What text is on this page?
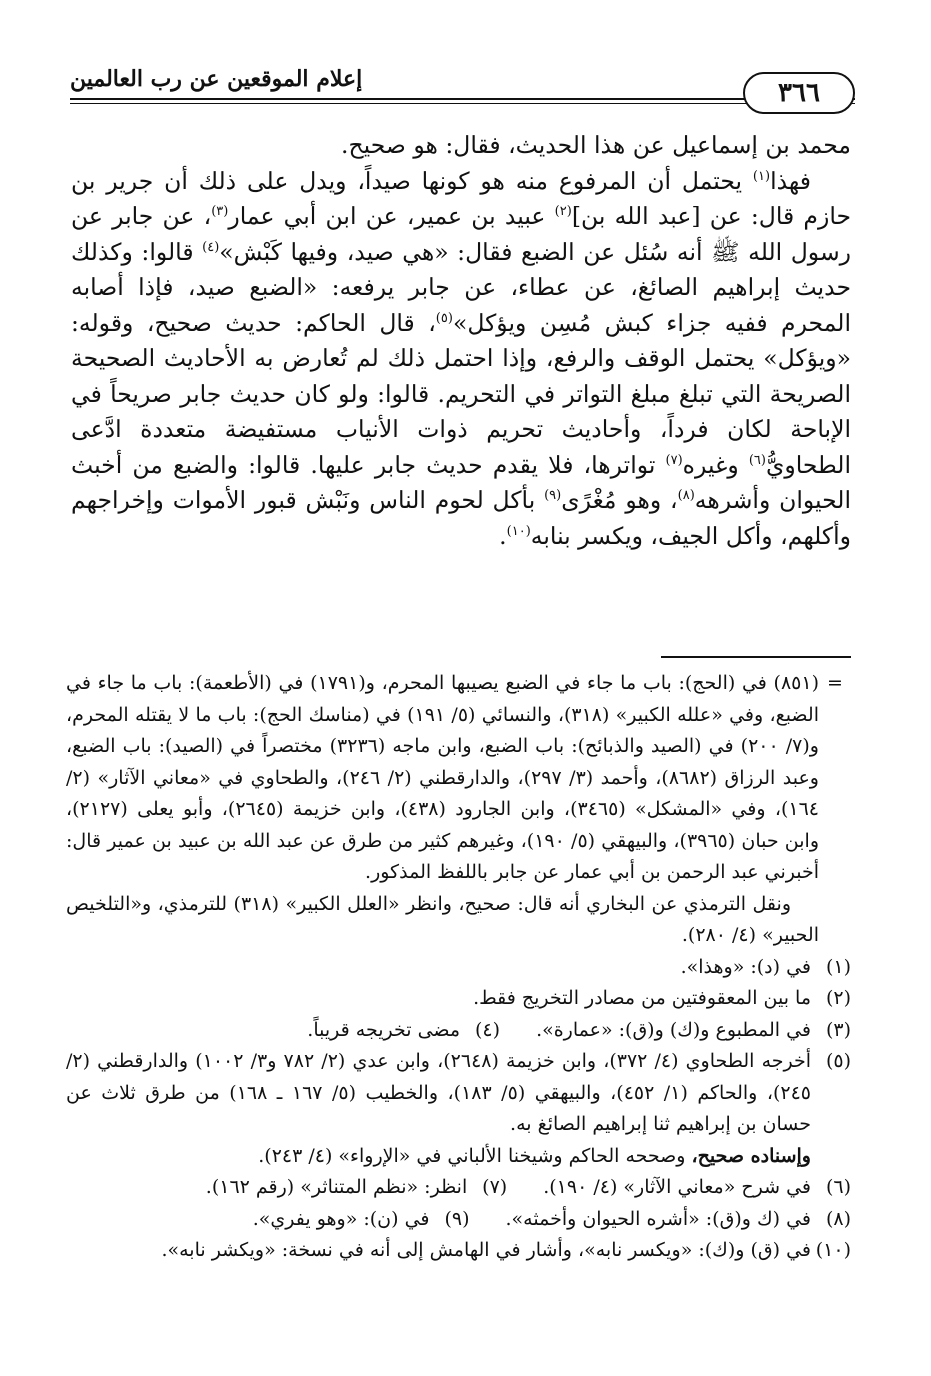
٣٦٦
إعلام الموقعين عن رب العالمين

محمد بن إسماعيل عن هذا الحديث، فقال: هو صحيح.

فهذا$^{(١)}$ يحتمل أن المرفوع منه هو كونها صيداً، ويدل على ذلك أن جرير بن حازم قال: عن [عبد الله بن]$^{(٢)}$ عبيد بن عمير، عن ابن أبي عمار$^{(٣)}$، عن جابر عن رسول الله ﷺ أنه سُئل عن الضبع فقال: «هي صيد، وفيها كَبْش»$^{(٤)}$ قالوا: وكذلك حديث إبراهيم الصائغ، عن عطاء، عن جابر يرفعه: «الضبع صيد، فإذا أصابه المحرم ففيه جزاء كبش مُسِن ويؤكل»$^{(٥)}$، قال الحاكم: حديث صحيح، وقوله: «ويؤكل» يحتمل الوقف والرفع، وإذا احتمل ذلك لم تُعارض به الأحاديث الصحيحة الصريحة التي تبلغ مبلغ التواتر في التحريم. قالوا: ولو كان حديث جابر صريحاً في الإباحة لكان فرداً، وأحاديث تحريم ذوات الأنياب مستفيضة متعددة ادَّعى الطحاويُّ$^{(٦)}$ وغيره$^{(٧)}$ تواترها، فلا يقدم حديث جابر عليها. قالوا: والضبع من أخبث الحيوان وأشرهه$^{(٨)}$، وهو مُغْرًى$^{(٩)}$ بأكل لحوم الناس ونَبْش قبور الأموات وإخراجهم وأكلهم، وأكل الجيف، ويكسر بنابه$^{(١٠)}$.

=

(٨٥١) في (الحج): باب ما جاء في الضبع يصيبها المحرم، و(١٧٩١) في (الأطعمة): باب ما جاء في الضبع، وفي «علله الكبير» (٣١٨)، والنسائي (٥/ ١٩١) في (مناسك الحج): باب ما لا يقتله المحرم، و(٧/ ٢٠٠) في (الصيد والذبائح): باب الضبع، وابن ماجه (٣٢٣٦) مختصراً في (الصيد): باب الضبع، وعبد الرزاق (٨٦٨٢)، وأحمد (٣/ ٢٩٧)، والدارقطني (٢/ ٢٤٦)، والطحاوي في «معاني الآثار» (٢/ ١٦٤)، وفي «المشكل» (٣٤٦٥)، وابن الجارود (٤٣٨)، وابن خزيمة (٢٦٤٥)، وأبو يعلى (٢١٢٧)، وابن حبان (٣٩٦٥)، والبيهقي (٥/ ١٩٠)، وغيرهم كثير من طرق عن عبد الله بن عبيد بن عمير قال: أخبرني عبد الرحمن بن أبي عمار عن جابر باللفظ المذكور.

ونقل الترمذي عن البخاري أنه قال: صحيح، وانظر «العلل الكبير» (٣١٨) للترمذي، و«التلخيص الحبير» (٤/ ٢٨٠).

(١)
في (د): «وهذا».
(٢)
ما بين المعقوفتين من مصادر التخريج فقط.
(٣)
في المطبوع و(ك) و(ق): «عمارة».
(٤)
مضى تخريجه قريباً.
(٥)
أخرجه الطحاوي (٤/ ٣٧٢)، وابن خزيمة (٢٦٤٨)، وابن عدي (٢/ ٧٨٢ و٣/ ١٠٠٢) والدارقطني (٢/ ٢٤٥)، والحاكم (١/ ٤٥٢)، والبيهقي (٥/ ١٨٣)، والخطيب (٥/ ١٦٧ ـ ١٦٨) من طرق ثلاث عن حسان بن إبراهيم ثنا إبراهيم الصائغ به.
وإسناده صحيح، وصححه الحاكم وشيخنا الألباني في «الإرواء» (٤/ ٢٤٣).
(٦)
في شرح «معاني الآثار» (٤/ ١٩٠).
(٧)
انظر: «نظم المتناثر» (رقم ١٦٢).
(٨)
في (ك و(ق): «أشره الحيوان وأخمثه».
(٩)
في (ن): «وهو يفري».
(١٠)
في (ق) و(ك): «ويكسر نابه»، وأشار في الهامش إلى أنه في نسخة: «ويكشر نابه».
